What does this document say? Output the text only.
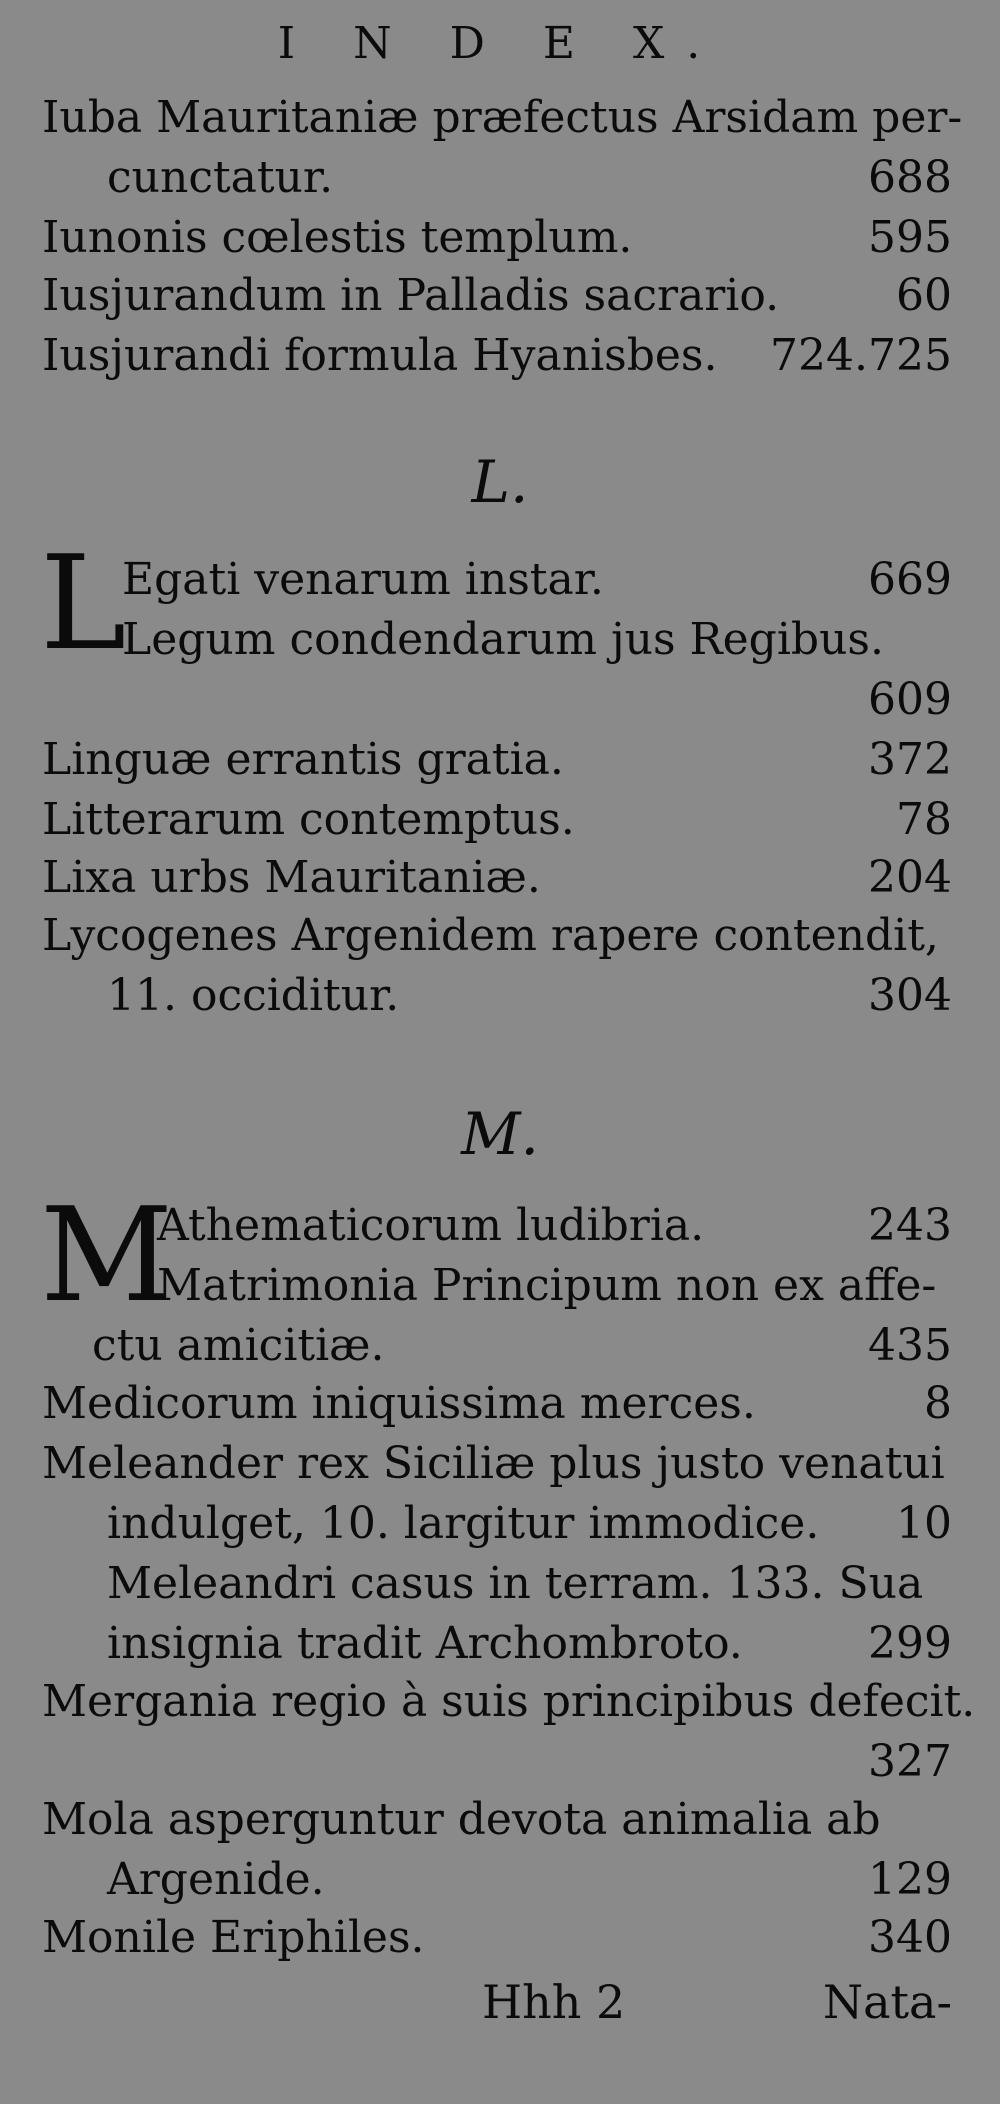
I N D E X.
Iuba Mauritaniæ præfectus Arsidam per-
cunctatur.	688
Iunonis cœlestis templum.	595
Iusjurandum in Palladis sacrario.	60
Iusjurandi formula Hyanisbes. 724.725
L.
L
Egati venarum instar.	669
Legum condendarum jus Regibus.
609
Linguæ errantis gratia.	372
Litterarum contemptus.	78
Lixa urbs Mauritaniæ.	204
Lycogenes Argenidem rapere contendit,
11. occiditur.	304
M.
M
Athematicorum ludibria.	243
Matrimonia Principum non ex affe-
ctu amicitiæ.	435
Medicorum iniquissima merces.	8
Meleander rex Siciliæ plus justo venatui
indulget, 10. largitur immodice. 10
Meleandri casus in terram. 133. Sua
insignia tradit Archombroto.	299
Mergania regio à suis principibus defecit.
327
Mola asperguntur devota animalia ab
Argenide.	129
Monile Eriphiles.	340
Hhh 2	Nata-
